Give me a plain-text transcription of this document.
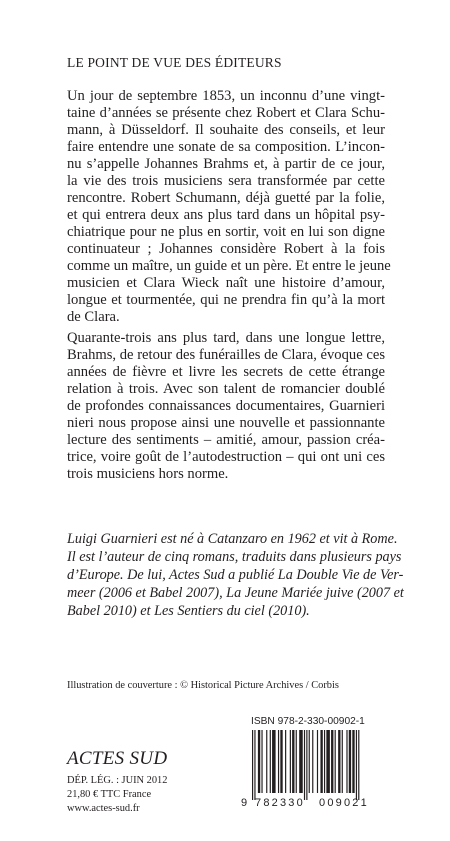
LE POINT DE VUE DES ÉDITEURS
Un jour de septembre 1853, un inconnu d’une vingt-
taine d’années se présente chez Robert et Clara Schu-
mann, à Düsseldorf. Il souhaite des conseils, et leur
faire entendre une sonate de sa composition. L’incon-
nu s’appelle Johannes Brahms et, à partir de ce jour,
la vie des trois musiciens sera transformée par cette
rencontre. Robert Schumann, déjà guetté par la folie,
et qui entrera deux ans plus tard dans un hôpital psy-
chiatrique pour ne plus en sortir, voit en lui son digne
continuateur ; Johannes considère Robert à la fois
comme un maître, un guide et un père. Et entre le jeune
musicien et Clara Wieck naît une histoire d’amour,
longue et tourmentée, qui ne prendra fin qu’à la mort
de Clara.
Quarante-trois ans plus tard, dans une longue lettre,
Brahms, de retour des funérailles de Clara, évoque ces
années de fièvre et livre les secrets de cette étrange
relation à trois. Avec son talent de romancier doublé
de profondes connaissances documentaires, Guarnieri
nieri nous propose ainsi une nouvelle et passionnante
lecture des sentiments – amitié, amour, passion créa-
trice, voire goût de l’autodestruction – qui ont uni ces
trois musiciens hors norme.
Luigi Guarnieri est né à Catanzaro en 1962 et vit à Rome.
Il est l’auteur de cinq romans, traduits dans plusieurs pays
d’Europe. De lui, Actes Sud a publié La Double Vie de Ver-
meer (2006 et Babel 2007), La Jeune Mariée juive (2007 et
Babel 2010) et Les Sentiers du ciel (2010).
Illustration de couverture : © Historical Picture Archives / Corbis
ACTES SUD
DÉP. LÉG. : JUIN 2012
21,80 € TTC France
www.actes-sud.fr
ISBN 978-2-330-00902-1
9 782330 009021
